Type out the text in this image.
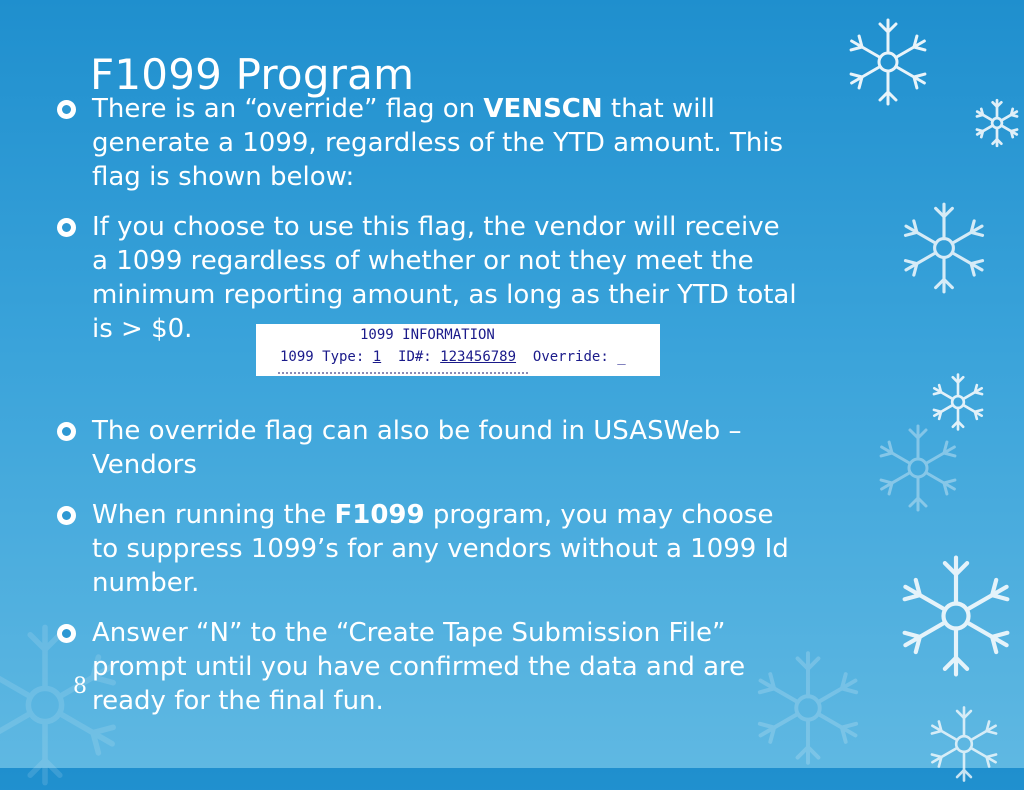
F1099 Program
There is an “override” flag on VENSCN that will
generate a 1099, regardless of the YTD amount. This
flag is shown below:
If you choose to use this flag, the vendor will receive
a 1099 regardless of whether or not they meet the
minimum reporting amount, as long as their YTD total
is > $0.
The override flag can also be found in USASWeb –
Vendors
When running the F1099 program, you may choose
to suppress 1099’s for any vendors without a 1099 Id
number.
Answer “N” to the “Create Tape Submission File”
prompt until you have confirmed the data and are
ready for the final fun.
1099 INFORMATION
1099 Type: 1  ID#: 123456789  Override: _
8
